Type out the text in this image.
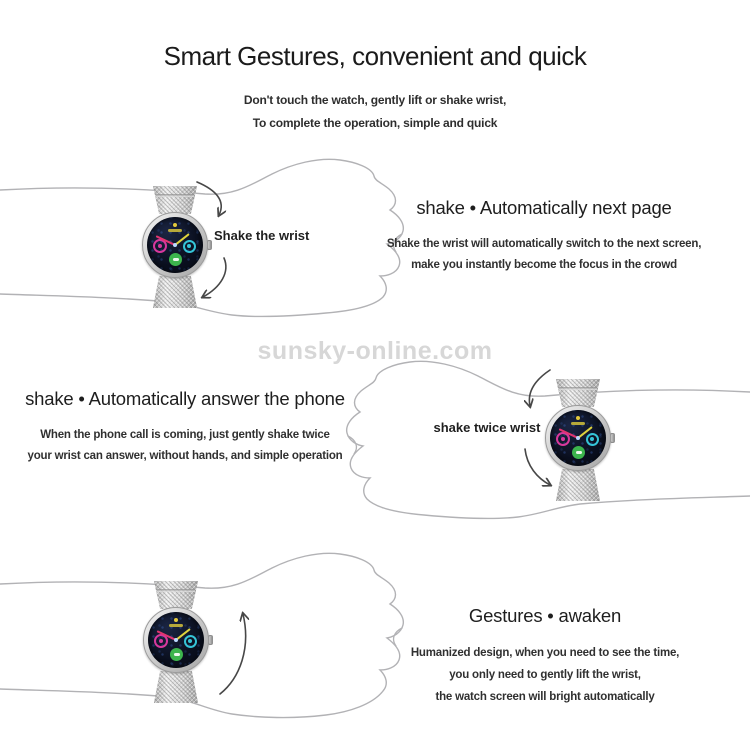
Smart Gestures, convenient and quick

Don't touch the watch, gently lift or shake wrist,

To complete the operation, simple and quick

sunsky-online.com
Shake the wrist
shake • Automatically next page

Shake the wrist will automatically switch to the next screen,

make you instantly become the focus in the crowd

shake • Automatically answer the phone

When the phone call is coming, just gently shake twice

your wrist can answer, without hands, and simple operation

shake twice wrist
Gestures • awaken

Humanized design, when you need to see the time,

you only need to gently lift the wrist,

the watch screen will bright automatically
